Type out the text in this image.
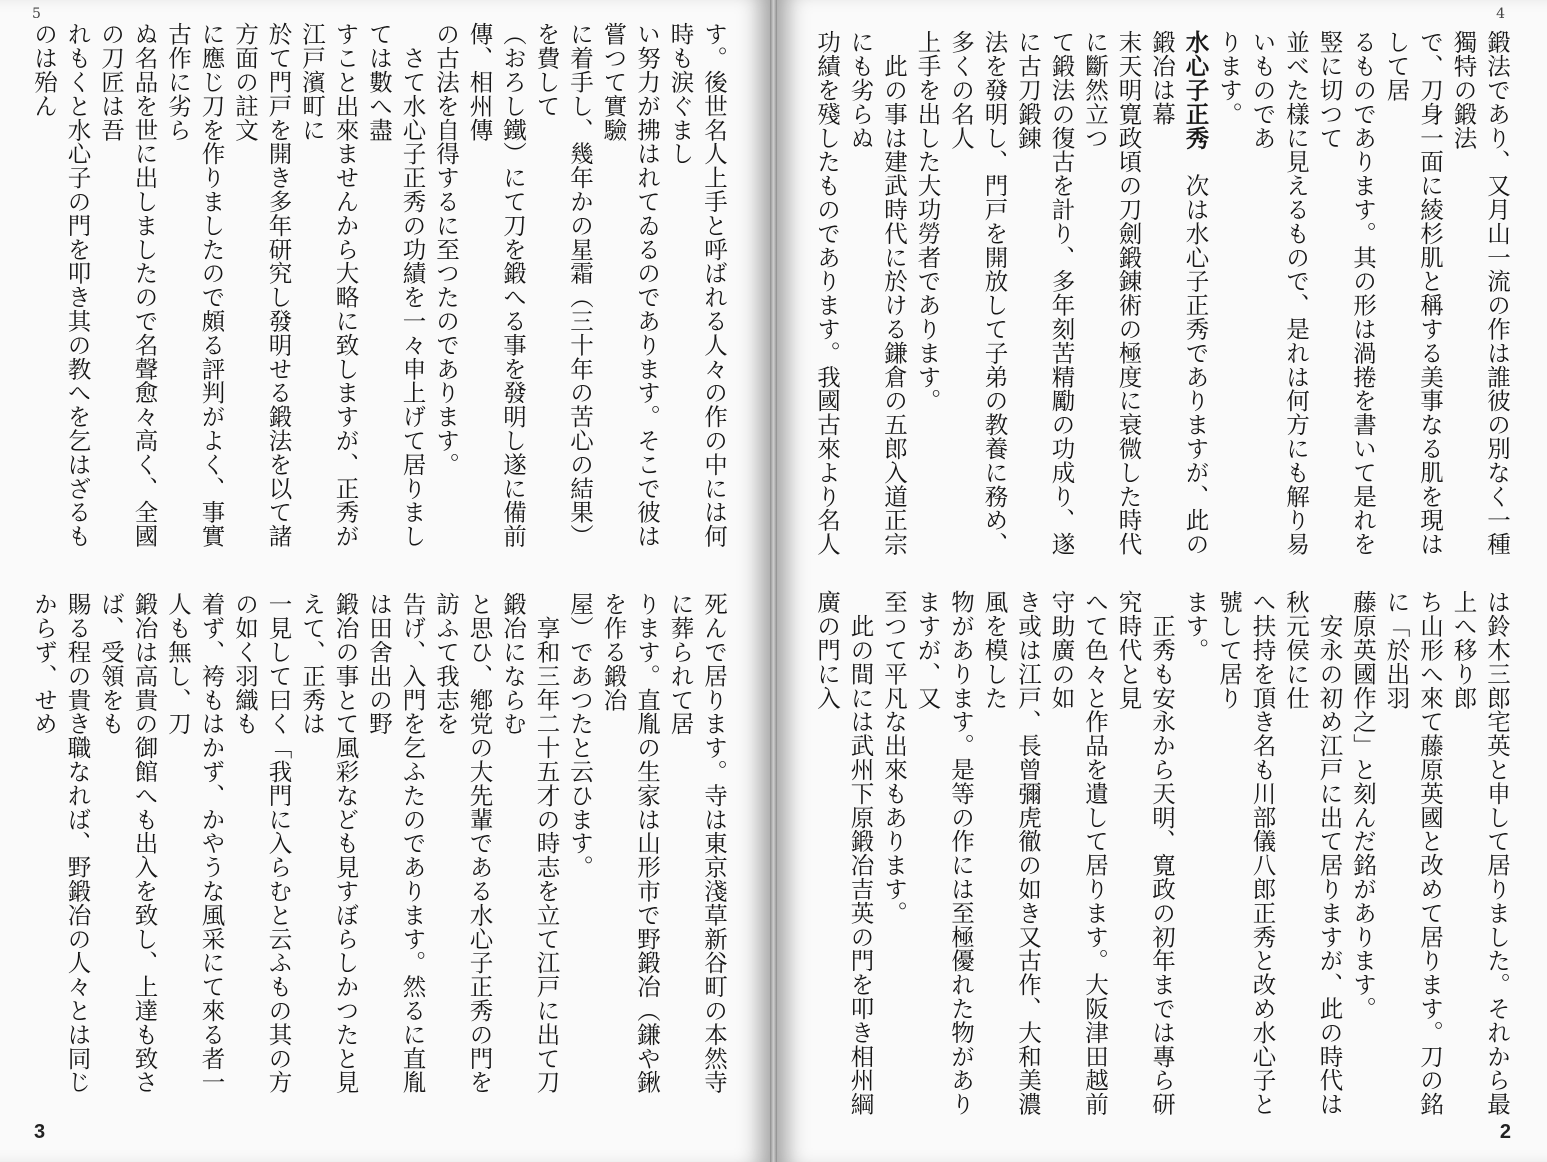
5

す。後世名人上手と呼ばれる人々の作の中には何時も涙ぐまし

い努力が拂はれてゐるのであります。そこで彼は嘗つて實驗

に着手し、幾年かの星霜（三十年の苦心の結果）を費して

（おろし鐵）にて刀を鍛へる事を發明し遂に備前傳、相州傳

の古法を自得するに至つたのであります。

　さて水心子正秀の功績を一々申上げて居りましては數へ盡

すこと出來ませんから大略に致しますが、正秀が江戸濱町に

於て門戸を開き多年研究し發明せる鍛法を以て諸方面の註文

に應じ刀を作りましたので頗る評判がよく、事實古作に劣ら

ぬ名品を世に出しましたので名聲愈々高く、全國の刀匠は吾

れもくと水心子の門を叩き其の教へを乞はざるものは殆ん

死んで居ります。寺は東京淺草新谷町の本然寺に葬られて居

ります。直胤の生家は山形市で野鍛冶（鎌や鍬を作る鍛冶

屋）であつたと云ひます。

　享和三年二十五才の時志を立て江戸に出て刀鍛冶にならむ

と思ひ、鄕党の大先輩である水心子正秀の門を訪ふて我志を

告げ、入門を乞ふたのであります。然るに直胤は田舍出の野

鍛冶の事とて風彩なども見すぼらしかつたと見えて、正秀は

一見して曰く「我門に入らむと云ふもの其の方の如く羽織も

着ず、袴もはかず、かやうな風采にて來る者一人も無し、刀

鍛冶は高貴の御館へも出入を致し、上達も致さば、受領をも

賜る程の貴き職なれば、野鍛冶の人々とは同じからず、せめ

3
4

鍛法であり、又月山一流の作は誰彼の別なく一種獨特の鍛法

で、刀身一面に綾杉肌と稱する美事なる肌を現はして居

るものであります。其の形は渦捲を書いて是れを竪に切つて

並べた樣に見えるもので、是れは何方にも解り易いものであ

ります。

水心子正秀　次は水心子正秀でありますが、此の鍛冶は幕

末天明寛政頃の刀劍鍛錬術の極度に衰微した時代に斷然立つ

て鍛法の復古を計り、多年刻苦精勵の功成り、遂に古刀鍛錬

法を發明し、門戸を開放して子弟の教養に務め、多くの名人

上手を出した大功勞者であります。

　此の事は建武時代に於ける鎌倉の五郎入道正宗にも劣らぬ

功績を殘したものであります。我國古來より名人

は鈴木三郎宅英と申して居りました。それから最上へ移り郎

ち山形へ來て藤原英國と改めて居ります。刀の銘に「於出羽

藤原英國作之」と刻んだ銘があります。

　安永の初め江戸に出て居りますが、此の時代は秋元侯に仕

へ扶持を頂き名も川部儀八郎正秀と改め水心子と號して居り

ます。

　正秀も安永から天明、寛政の初年までは專ら研究時代と見

へて色々と作品を遺して居ります。大阪津田越前守助廣の如

き或は江戸、長曾彌虎徹の如き又古作、大和美濃風を模した

物があります。是等の作には至極優れた物がありますが、又

至つて平凡な出來もあります。

　此の間には武州下原鍛冶吉英の門を叩き相州綱廣の門に入

2
